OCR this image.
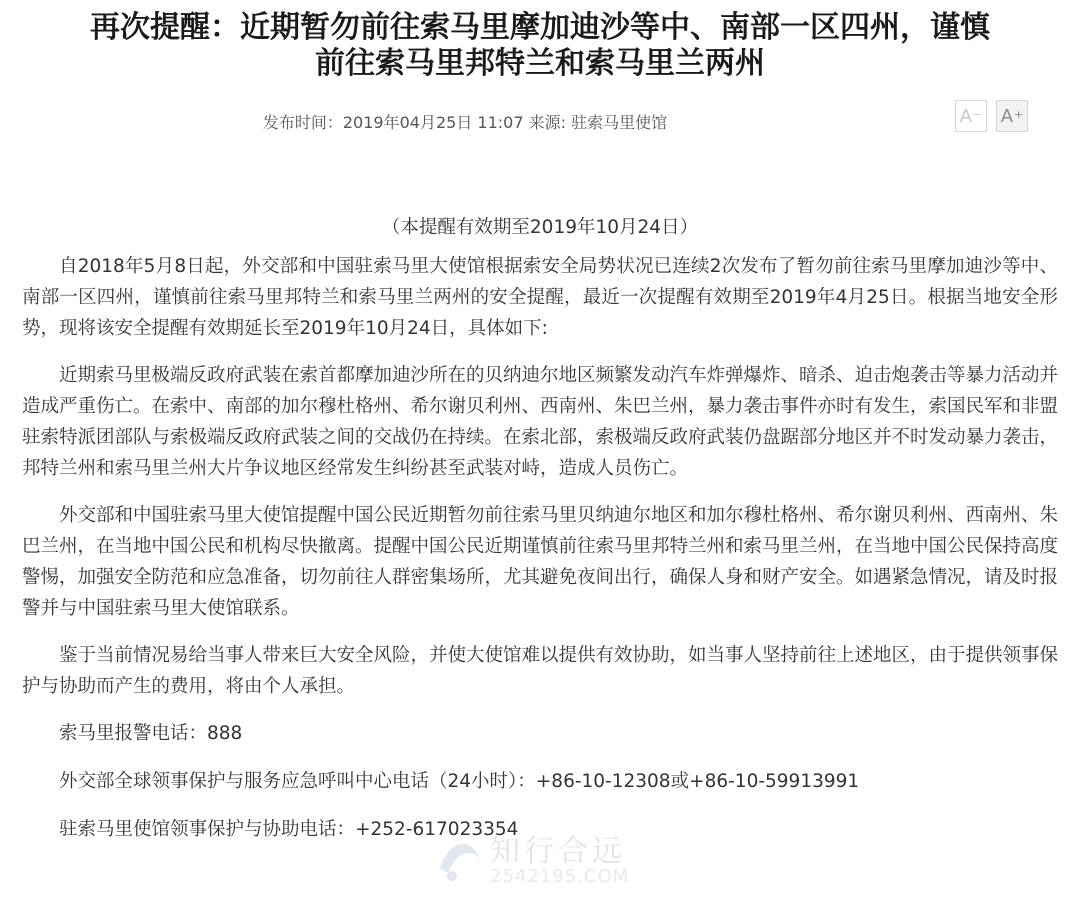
再次提醒：近期暂勿前往索马里摩加迪沙等中、南部一区四州，谨慎
前往索马里邦特兰和索马里兰两州
发布时间：2019年04月25日 11:07 来源: 驻索马里使馆	A− A+

（本提醒有效期至2019年10月24日）

自2018年5月8日起，外交部和中国驻索马里大使馆根据索安全局势状况已连续2次发布了暂勿前往索马里摩加迪沙等中、南部一区四州，谨慎前往索马里邦特兰和索马里兰两州的安全提醒，最近一次提醒有效期至2019年4月25日。根据当地安全形势，现将该安全提醒有效期延长至2019年10月24日，具体如下:

近期索马里极端反政府武装在索首都摩加迪沙所在的贝纳迪尔地区频繁发动汽车炸弹爆炸、暗杀、迫击炮袭击等暴力活动并造成严重伤亡。在索中、南部的加尔穆杜格州、希尔谢贝利州、西南州、朱巴兰州，暴力袭击事件亦时有发生，索国民军和非盟驻索特派团部队与索极端反政府武装之间的交战仍在持续。在索北部，索极端反政府武装仍盘踞部分地区并不时发动暴力袭击，邦特兰州和索马里兰州大片争议地区经常发生纠纷甚至武装对峙，造成人员伤亡。

外交部和中国驻索马里大使馆提醒中国公民近期暂勿前往索马里贝纳迪尔地区和加尔穆杜格州、希尔谢贝利州、西南州、朱巴兰州，在当地中国公民和机构尽快撤离。提醒中国公民近期谨慎前往索马里邦特兰州和索马里兰州，在当地中国公民保持高度警惕，加强安全防范和应急准备，切勿前往人群密集场所，尤其避免夜间出行，确保人身和财产安全。如遇紧急情况，请及时报警并与中国驻索马里大使馆联系。

鉴于当前情况易给当事人带来巨大安全风险，并使大使馆难以提供有效协助，如当事人坚持前往上述地区，由于提供领事保护与协助而产生的费用，将由个人承担。

索马里报警电话：888

外交部全球领事保护与服务应急呼叫中心电话（24小时）：+86-10-12308或+86-10-59913991

驻索马里使馆领事保护与协助电话：+252-617023354

知行合远
2542195.COM
